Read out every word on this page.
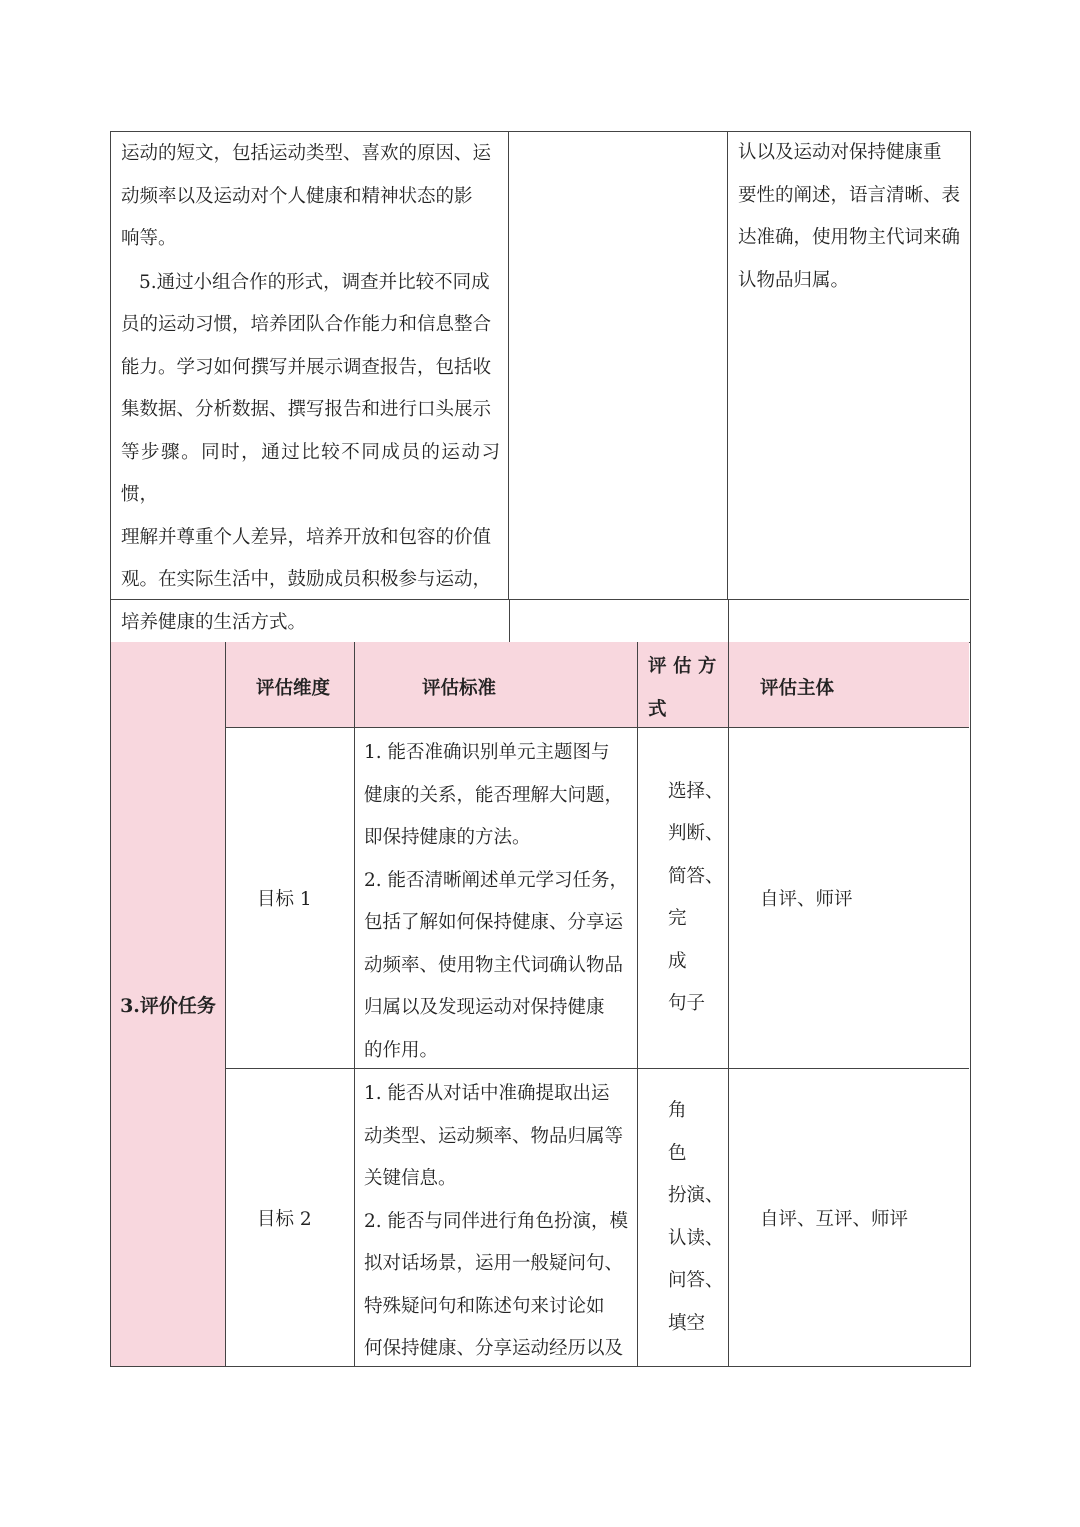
运动的短文，包括运动类型、喜欢的原因、运
动频率以及运动对个人健康和精神状态的影
响等。

5.通过小组合作的形式，调查并比较不同成
员的运动习惯，培养团队合作能力和信息整合
能力。学习如何撰写并展示调查报告，包括收
集数据、分析数据、撰写报告和进行口头展示
等步骤。同时，通过比较不同成员的运动习惯，
理解并尊重个人差异，培养开放和包容的价值
观。在实际生活中，鼓励成员积极参与运动，
培养健康的生活方式。

认以及运动对保持健康重
要性的阐述，语言清晰、表
达准确，使用物主代词来确
认物品归属。

3.评价任务
评估维度	评估标准
评 估 方
式
评估主体
目标 1

1. 能否准确识别单元主题图与
健康的关系，能否理解大问题，
即保持健康的方法。
2. 能否清晰阐述单元学习任务，
包括了解如何保持健康、分享运
动频率、使用物主代词确认物品
归属以及发现运动对保持健康
的作用。

选择、
判断、
简答、
完成
句子

自评、师评
目标 2

1. 能否从对话中准确提取出运
动类型、运动频率、物品归属等
关键信息。
2. 能否与同伴进行角色扮演，模
拟对话场景，运用一般疑问句、
特殊疑问句和陈述句来讨论如
何保持健康、分享运动经历以及

角色
扮演、
认读、
问答、
填空

自评、互评、师评
